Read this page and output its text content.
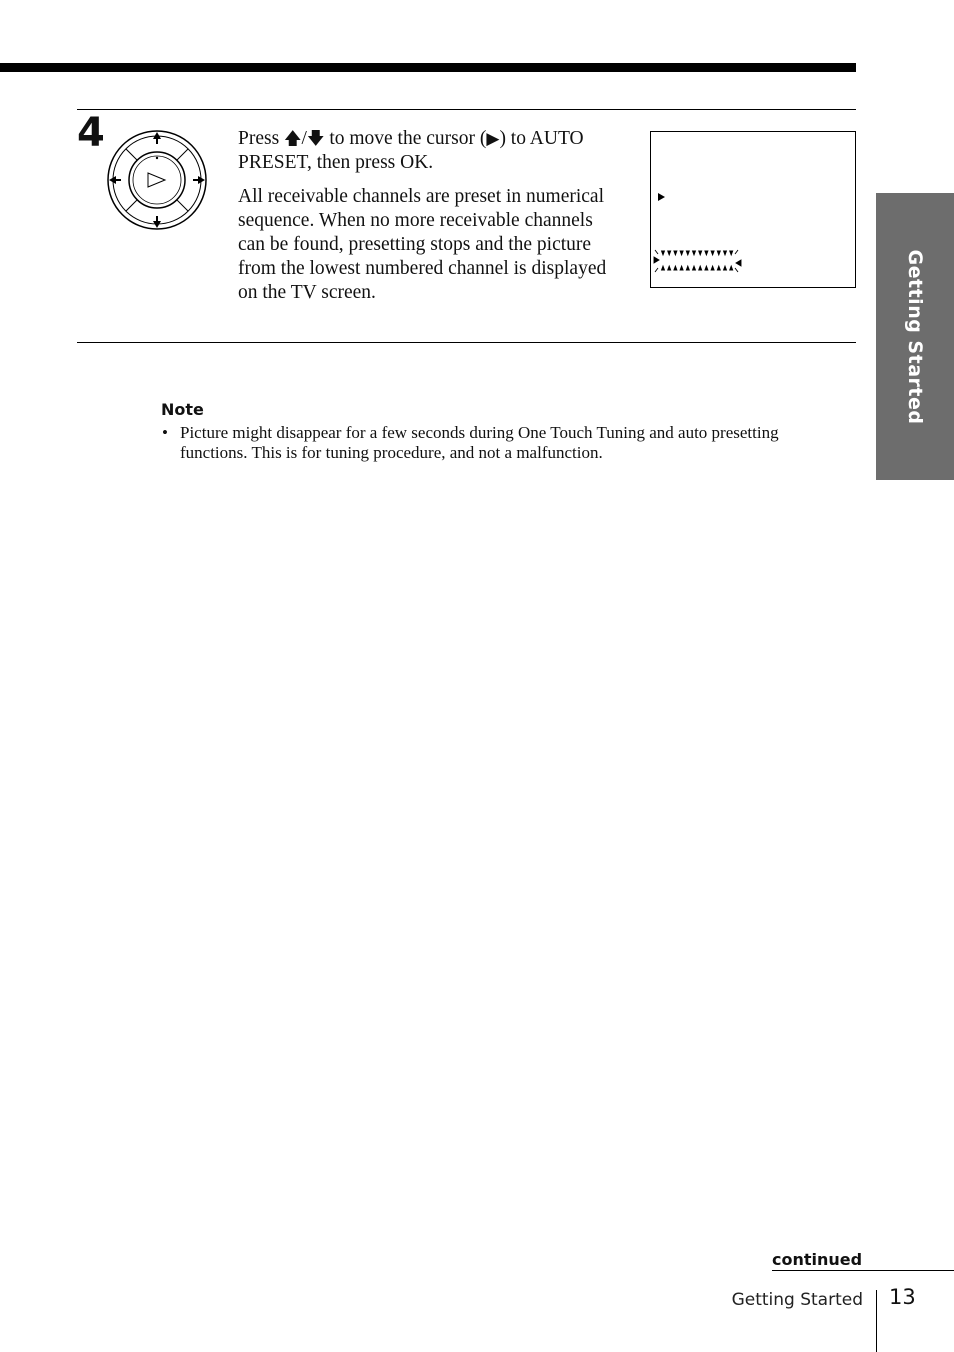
Getting Started
4	Press 🡅/🡇 to move the cursor (▶) to AUTO PRESET, then press OK.

All receivable channels are preset in numerical sequence. When no more receivable channels can be found, presetting stops and the picture from the lowest numbered channel is displayed on the TV screen.

Note
• Picture might disappear for a few seconds during One Touch Tuning and auto presetting functions. This is for tuning procedure, and not a malfunction.
continued
Getting Started 13
